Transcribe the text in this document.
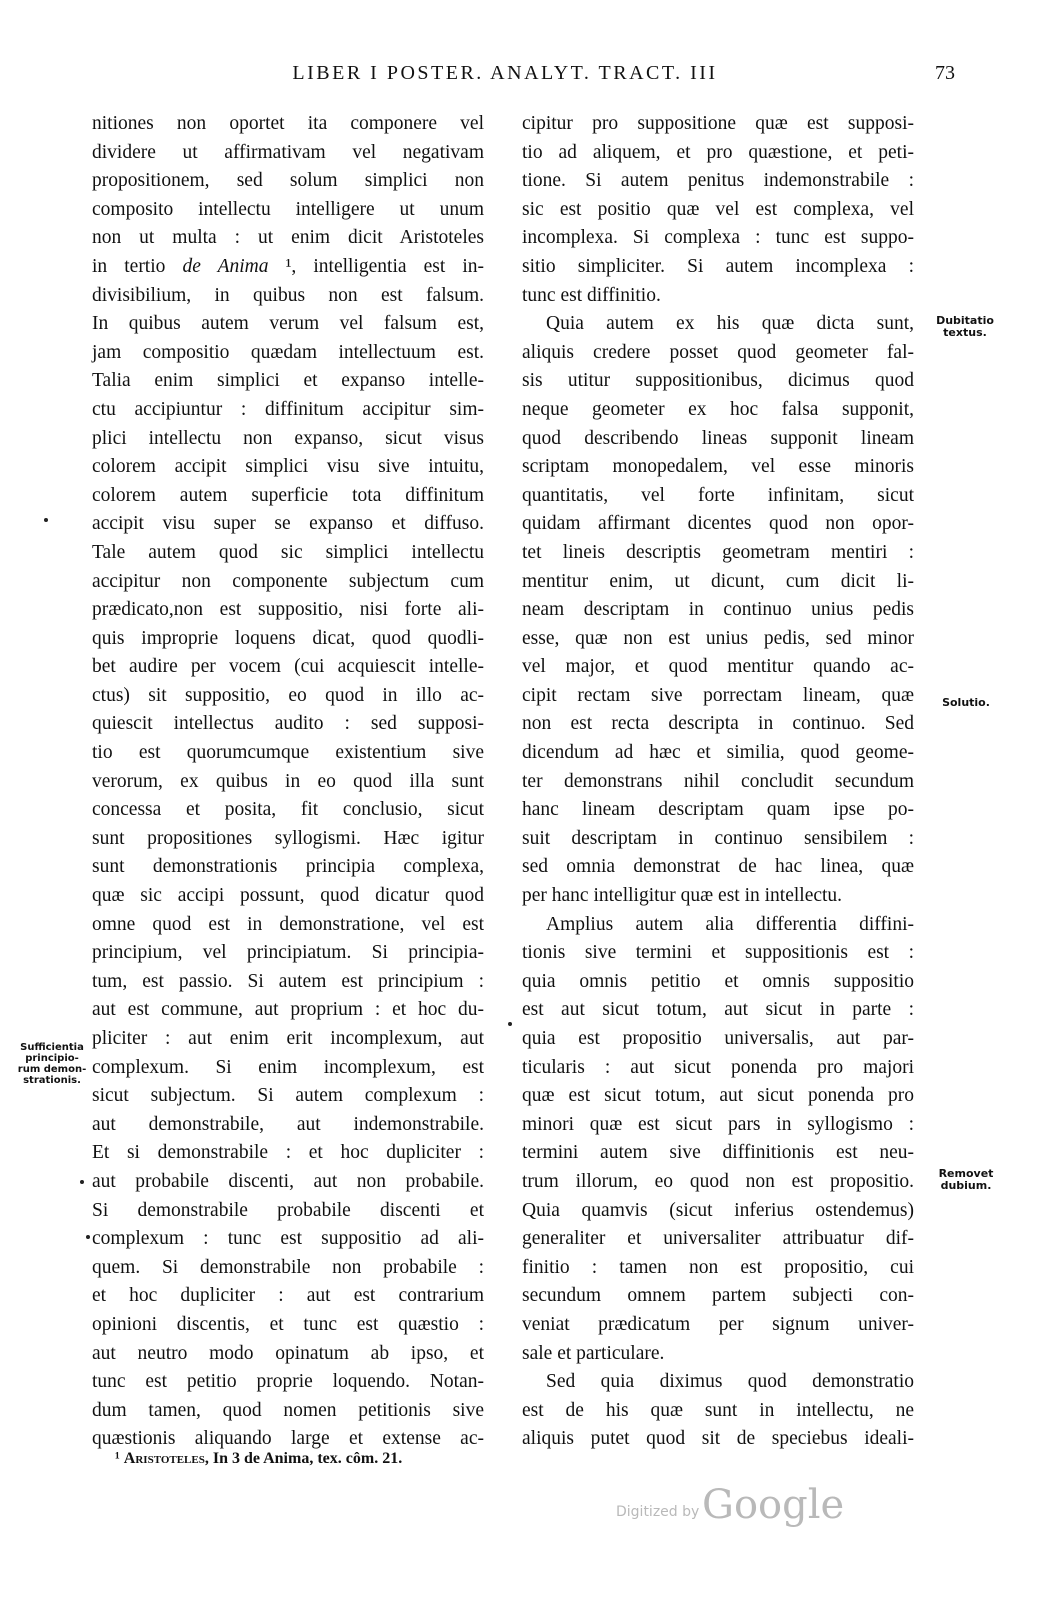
LIBER I POSTER. ANALYT. TRACT. III	73
nitiones non oportet ita componere vel
dividere ut affirmativam vel negativam
propositionem, sed solum simplici non
composito intellectu intelligere ut unum
non ut multa : ut enim dicit Aristoteles
in tertio de Anima ¹, intelligentia est in-
divisibilium, in quibus non est falsum.
In quibus autem verum vel falsum est,
jam compositio quædam intellectuum est.
Talia enim simplici et expanso intelle-
ctu accipiuntur : diffinitum accipitur sim-
plici intellectu non expanso, sicut visus
colorem accipit simplici visu sive intuitu,
colorem autem superficie tota diffinitum
accipit visu super se expanso et diffuso.
Tale autem quod sic simplici intellectu
accipitur non componente subjectum cum
prædicato,non est suppositio, nisi forte ali-
quis improprie loquens dicat, quod quodli-
bet audire per vocem (cui acquiescit intelle-
ctus) sit suppositio, eo quod in illo ac-
quiescit intellectus audito : sed supposi-
tio est quorumcumque existentium sive
verorum, ex quibus in eo quod illa sunt
concessa et posita, fit conclusio, sicut
sunt propositiones syllogismi. Hæc igitur
sunt demonstrationis principia complexa,
quæ sic accipi possunt, quod dicatur quod
omne quod est in demonstratione, vel est
principium, vel principiatum. Si principia-
tum, est passio. Si autem est principium :
aut est commune, aut proprium : et hoc du-
pliciter : aut enim erit incomplexum, aut
complexum. Si enim incomplexum, est
sicut subjectum. Si autem complexum :
aut demonstrabile, aut indemonstrabile.
Et si demonstrabile : et hoc dupliciter :
aut probabile discenti, aut non probabile.
Si demonstrabile probabile discenti et
complexum : tunc est suppositio ad ali-
quem. Si demonstrabile non probabile :
et hoc dupliciter : aut est contrarium
opinioni discentis, et tunc est quæstio :
aut neutro modo opinatum ab ipso, et
tunc est petitio proprie loquendo. Notan-
dum tamen, quod nomen petitionis sive
quæstionis aliquando large et extense ac-
cipitur pro suppositione quæ est supposi-
tio ad aliquem, et pro quæstione, et peti-
tione. Si autem penitus indemonstrabile :
sic est positio quæ vel est complexa, vel
incomplexa. Si complexa : tunc est suppo-
sitio simpliciter. Si autem incomplexa :
tunc est diffinitio.
Quia autem ex his quæ dicta sunt,
aliquis credere posset quod geometer fal-
sis utitur suppositionibus, dicimus quod
neque geometer ex hoc falsa supponit,
quod describendo lineas supponit lineam
scriptam monopedalem, vel esse minoris
quantitatis, vel forte infinitam, sicut
quidam affirmant dicentes quod non opor-
tet lineis descriptis geometram mentiri :
mentitur enim, ut dicunt, cum dicit li-
neam descriptam in continuo unius pedis
esse, quæ non est unius pedis, sed minor
vel major, et quod mentitur quando ac-
cipit rectam sive porrectam lineam, quæ
non est recta descripta in continuo. Sed
dicendum ad hæc et similia, quod geome-
ter demonstrans nihil concludit secundum
hanc lineam descriptam quam ipse po-
suit descriptam in continuo sensibilem :
sed omnia demonstrat de hac linea, quæ
per hanc intelligitur quæ est in intellectu.
Amplius autem alia differentia diffini-
tionis sive termini et suppositionis est :
quia omnis petitio et omnis suppositio
est aut sicut totum, aut sicut in parte :
quia est propositio universalis, aut par-
ticularis : aut sicut ponenda pro majori
quæ est sicut totum, aut sicut ponenda pro
minori quæ est sicut pars in syllogismo :
termini autem sive diffinitionis est neu-
trum illorum, eo quod non est propositio.
Quia quamvis (sicut inferius ostendemus)
generaliter et universaliter attribuatur dif-
finitio : tamen non est propositio, cui
secundum omnem partem subjecti con-
veniat prædicatum per signum univer-
sale et particulare.
Sed quia diximus quod demonstratio
est de his quæ sunt in intellectu, ne
aliquis putet quod sit de speciebus ideali-
Dubitatio
textus.
Solutio.
Removet
dubium.
Sufficientia
principio-
rum demon-
strationis.
¹ Aristoteles, In 3 de Anima, tex. côm. 21.
Digitized by Google
